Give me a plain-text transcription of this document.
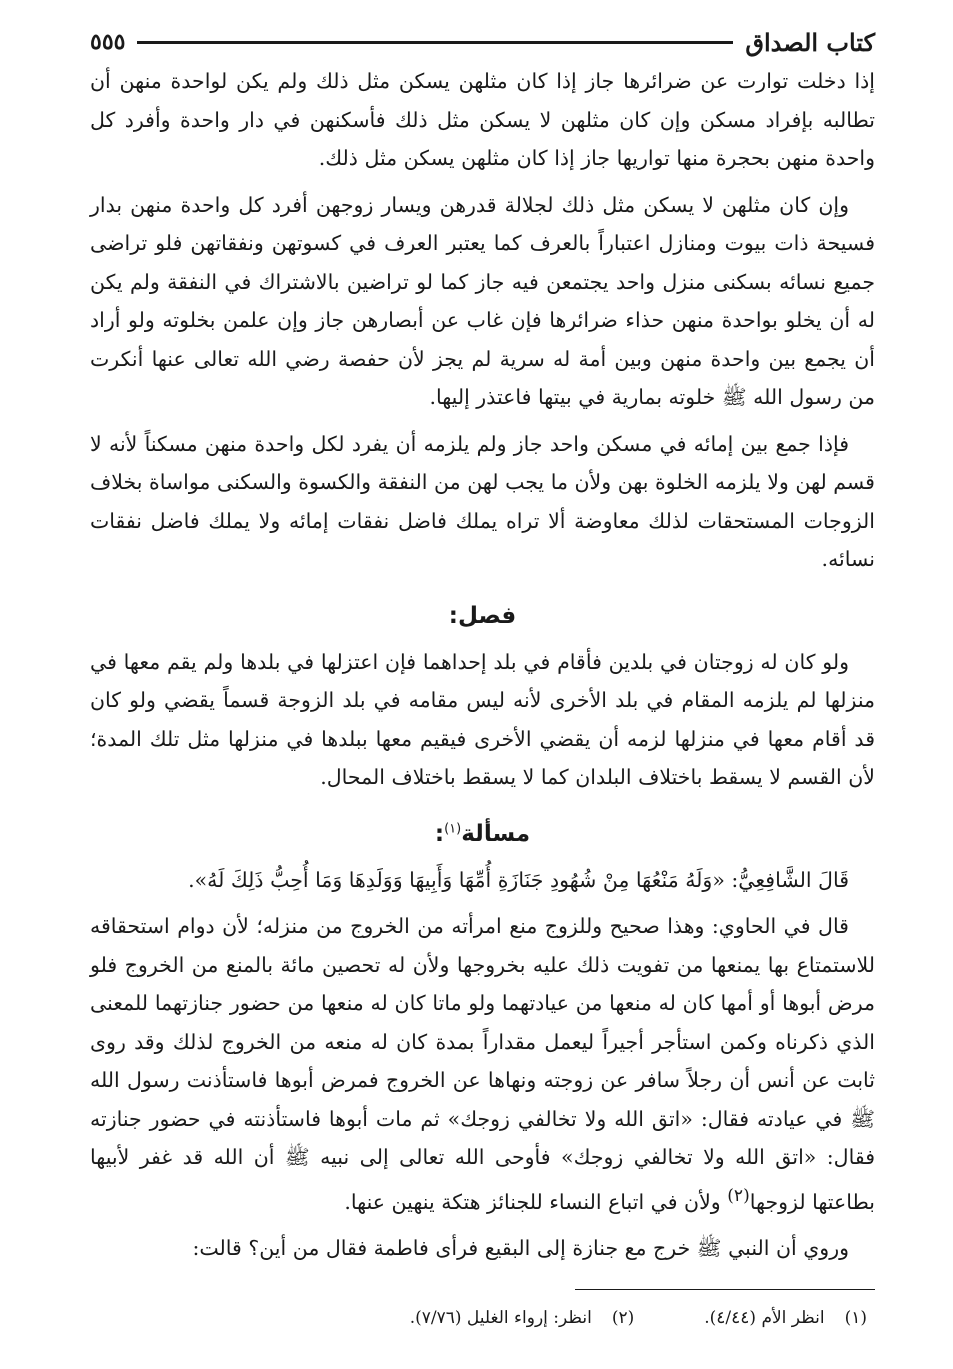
كتاب الصداق
٥٥٥

إذا دخلت توارت عن ضرائرها جاز إذا كان مثلهن يسكن مثل ذلك ولم يكن لواحدة منهن أن تطالبه بإفراد مسكن وإن كان مثلهن لا يسكن مثل ذلك فأسكنهن في دار واحدة وأفرد كل واحدة منهن بحجرة منها تواريها جاز إذا كان مثلهن يسكن مثل ذلك.

وإن كان مثلهن لا يسكن مثل ذلك لجلالة قدرهن ويسار زوجهن أفرد كل واحدة منهن بدار فسيحة ذات بيوت ومنازل اعتباراً بالعرف كما يعتبر العرف في كسوتهن ونفقاتهن فلو تراضى جميع نسائه بسكنى منزل واحد يجتمعن فيه جاز كما لو تراضين بالاشتراك في النفقة ولم يكن له أن يخلو بواحدة منهن حذاء ضرائرها فإن غاب عن أبصارهن جاز وإن علمن بخلوته ولو أراد أن يجمع بين واحدة منهن وبين أمة له سرية لم يجز لأن حفصة رضي الله تعالى عنها أنكرت من رسول الله ﷺ خلوته بمارية في بيتها فاعتذر إليها.

فإذا جمع بين إمائه في مسكن واحد جاز ولم يلزمه أن يفرد لكل واحدة منهن مسكناً لأنه لا قسم لهن ولا يلزمه الخلوة بهن ولأن ما يجب لهن من النفقة والكسوة والسكنى مواساة بخلاف الزوجات المستحقات لذلك معاوضة ألا تراه يملك فاضل نفقات إمائه ولا يملك فاضل نفقات نسائه.

فصل:

ولو كان له زوجتان في بلدين فأقام في بلد إحداهما فإن اعتزلها في بلدها ولم يقم معها في منزلها لم يلزمه المقام في بلد الأخرى لأنه ليس مقامه في بلد الزوجة قسماً يقضي ولو كان قد أقام معها في منزلها لزمه أن يقضي الأخرى فيقيم معها ببلدها في منزلها مثل تلك المدة؛ لأن القسم لا يسقط باختلاف البلدان كما لا يسقط باختلاف المحال.

مسألة$^{(١)}$:

قَالَ الشَّافِعِيُّ: «وَلَهُ مَنْعُهَا مِنْ شُهُودِ جَنَازَةِ أُمِّهَا وَأَبِيهَا وَوَلَدِهَا وَمَا أُحِبُّ ذَلِكَ لَهُ».

قال في الحاوي: وهذا صحيح وللزوج منع امرأته من الخروج من منزله؛ لأن دوام استحقاقه للاستمتاع بها يمنعها من تفويت ذلك عليه بخروجها ولأن له تحصين مائة بالمنع من الخروج فلو مرض أبوها أو أمها كان له منعها من عيادتهما ولو ماتا كان له منعها من حضور جنازتهما للمعنى الذي ذكرناه وكمن استأجر أجيراً ليعمل مقداراً بمدة كان له منعه من الخروج لذلك وقد روى ثابت عن أنس أن رجلاً سافر عن زوجته ونهاها عن الخروج فمرض أبوها فاستأذنت رسول الله ﷺ في عيادته فقال: «اتق الله ولا تخالفي زوجك» ثم مات أبوها فاستأذنته في حضور جنازته فقال: «اتق الله ولا تخالفي زوجك» فأوحى الله تعالى إلى نبيه ﷺ أن الله قد غفر لأبيها بطاعتها لزوجها$^{(٢)}$ ولأن في اتباع النساء للجنائز هتكة ينهين عنها.

وروي أن النبي ﷺ خرج مع جنازة إلى البقيع فرأى فاطمة فقال من أين؟ قالت:

(١)انظر الأم (٤/٤٤).
(٢)انظر: إرواء الغليل (٧/٧٦).
